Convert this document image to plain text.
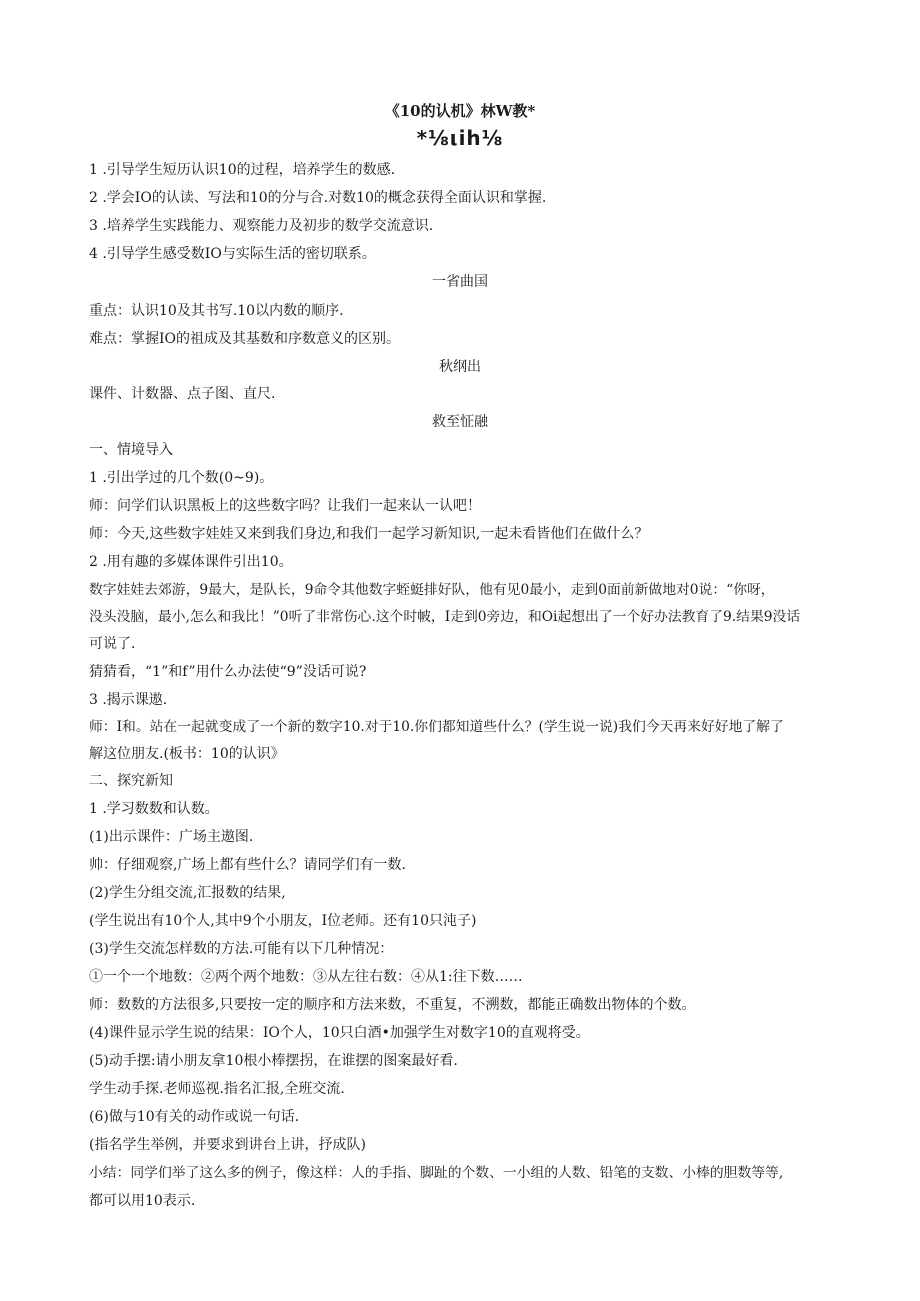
《10的认机》林W教*
*⅛ιih⅛
1 .引导学生短历认识10的过程，培养学生的数感.
2 .学会IO的认读、写法和10的分与合.对数10的概念获得全面认识和掌握.
3 .培养学生实践能力、观察能力及初步的数学交流意识.
4 .引导学生感受数IO与实际生活的密切联系。
一省曲国
重点：认识10及其书写.10以内数的顺序.
难点：掌握IO的祖成及其基数和序数意义的区别。
秋纲出
课件、计数器、点子图、直尺.
救至怔融
一、情境导入
1 .引出学过的几个数(0~9)。
师：问学们认识黑板上的这些数字吗？让我们一起来认一认吧！
师：今天,这些数字娃娃又来到我们身边,和我们一起学习新知识,一起未看皆他们在做什么？
2 .用有趣的多媒体课件引出10。
数字娃娃去郊游，9最大，是队长，9命令其他数字蛭蜓排好队，他有见0最小，走到0面前新做地对0说：“你呀，
没头没脑，最小,怎么和我比！”0听了非常伤心.这个时帔，I走到0旁边，和Oi起想出了一个好办法教育了9.结果9没话
可说了.
猜猜看，“1”和f”用什么办法使“9”没话可说?
3 .揭示课遨.
师：I和。站在一起就变成了一个新的数字10.对于10.你们都知道些什么？(学生说一说)我们今天再来好好地了解了
解这位朋友.(板书：10的认识》
二、探究新知
1 .学习数数和认数。
(1)出示课件：广场主遨图.
帅：仔细观察,广场上都有些什么？请同学们有一数.
(2)学生分组交流,汇报数的结果,
(学生说出有10个人,其中9个小朋友，I位老师。还有10只沌子)
(3)学生交流怎样数的方法.可能有以下几种情况：
①一个一个地数：②两个两个地数：③从左往右数：④从1:往下数……
师：数数的方法很多,只要按一定的顺序和方法来数，不重复，不溯数，都能正确数出物体的个数。
(4)课件显示学生说的结果：IO个人，10只白酒•加强学生对数字10的直观将受。
(5)动手摆:请小朋友拿10根小棒摆拐，在谁摆的图案最好看.
学生动手探.老师巡视.指名汇报,全班交流.
(6)做与10有关的动作或说一句话.
(指名学生举例，并要求到讲台上讲，抒成队)
小结：同学们举了这么多的例子，像这样：人的手指、脚趾的个数、一小组的人数、铅笔的支数、小棒的胆数等等,
都可以用10表示.
